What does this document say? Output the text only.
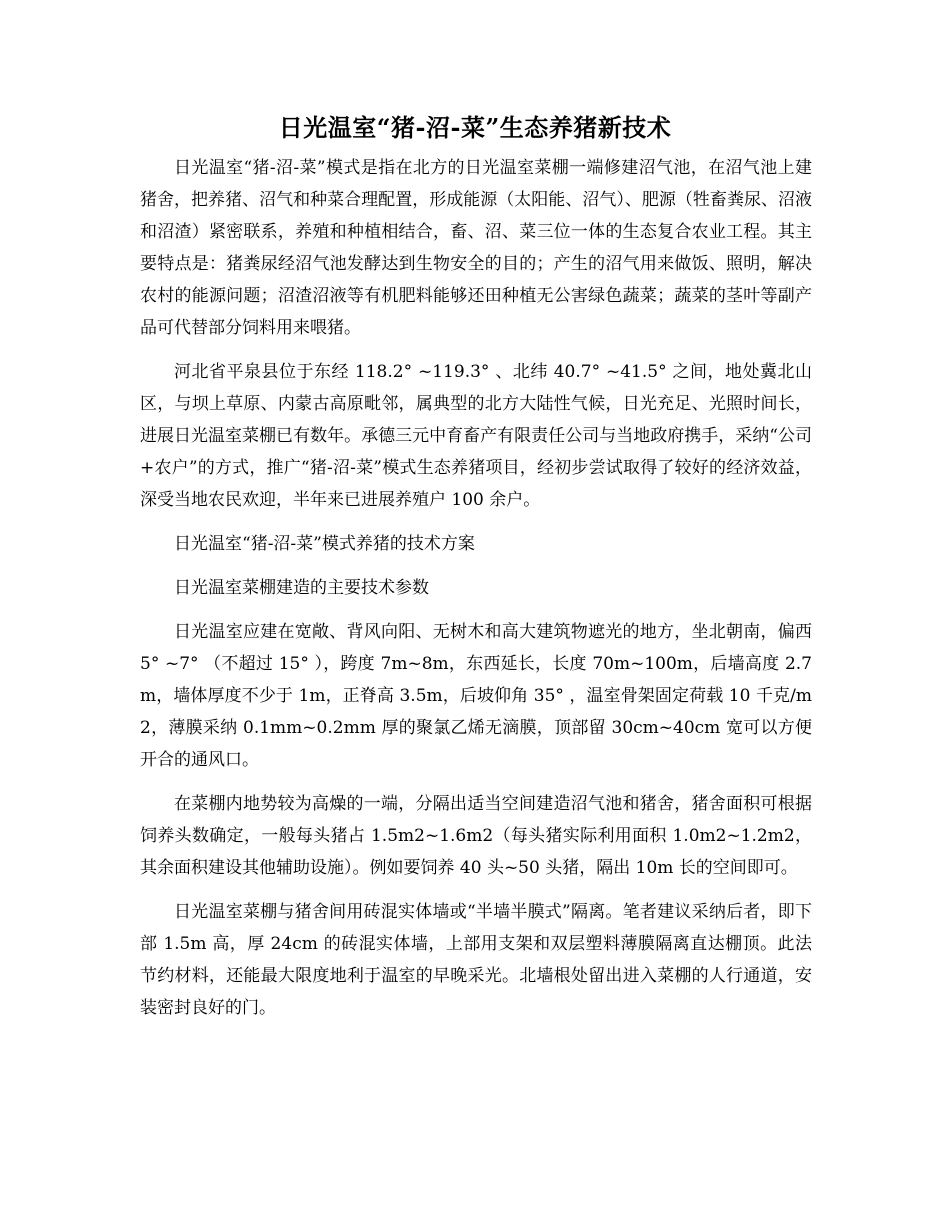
日光温室“猪-沼-菜”生态养猪新技术

日光温室“猪-沼-菜”模式是指在北方的日光温室菜棚一端修建沼气池，在沼气池上建猪舍，把养猪、沼气和种菜合理配置，形成能源（太阳能、沼气）、肥源（牲畜粪尿、沼液和沼渣）紧密联系，养殖和种植相结合，畜、沼、菜三位一体的生态复合农业工程。其主要特点是：猪粪尿经沼气池发酵达到生物安全的目的；产生的沼气用来做饭、照明，解决农村的能源问题；沼渣沼液等有机肥料能够还田种植无公害绿色蔬菜；蔬菜的茎叶等副产品可代替部分饲料用来喂猪。

河北省平泉县位于东经 118.2° ~119.3° 、北纬 40.7° ~41.5° 之间，地处冀北山区，与坝上草原、内蒙古高原毗邻，属典型的北方大陆性气候，日光充足、光照时间长，进展日光温室菜棚已有数年。承德三元中育畜产有限责任公司与当地政府携手，采纳“公司+农户”的方式，推广“猪-沼-菜”模式生态养猪项目，经初步尝试取得了较好的经济效益，深受当地农民欢迎，半年来已进展养殖户 100 余户。

日光温室“猪-沼-菜”模式养猪的技术方案

日光温室菜棚建造的主要技术参数

日光温室应建在宽敞、背风向阳、无树木和高大建筑物遮光的地方，坐北朝南，偏西 5° ~7° （不超过 15° ），跨度 7m~8m，东西延长，长度 70m~100m，后墙高度 2.7m，墙体厚度不少于 1m，正脊高 3.5m，后坡仰角 35° ，温室骨架固定荷载 10 千克/m2，薄膜采纳 0.1mm~0.2mm 厚的聚氯乙烯无滴膜，顶部留 30cm~40cm 宽可以方便开合的通风口。

在菜棚内地势较为高燥的一端，分隔出适当空间建造沼气池和猪舍，猪舍面积可根据饲养头数确定，一般每头猪占 1.5m2~1.6m2（每头猪实际利用面积 1.0m2~1.2m2，其余面积建设其他辅助设施）。例如要饲养 40 头~50 头猪，隔出 10m 长的空间即可。

日光温室菜棚与猪舍间用砖混实体墙或“半墙半膜式”隔离。笔者建议采纳后者，即下部 1.5m 高，厚 24cm 的砖混实体墙，上部用支架和双层塑料薄膜隔离直达棚顶。此法节约材料，还能最大限度地利于温室的早晚采光。北墙根处留出进入菜棚的人行通道，安装密封良好的门。
